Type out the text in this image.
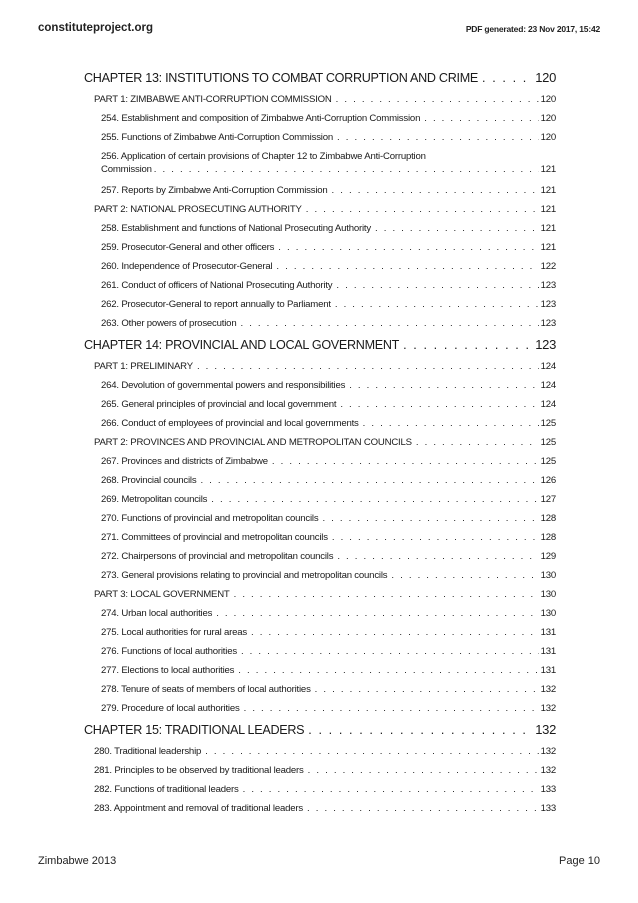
constituteproject.org	PDF generated: 23 Nov 2017, 15:42
CHAPTER 13: INSTITUTIONS TO COMBAT CORRUPTION AND CRIME . . .	120
PART 1: ZIMBABWE ANTI-CORRUPTION COMMISSION . . .	120
254. Establishment and composition of Zimbabwe Anti-Corruption Commission . . .	120
255. Functions of Zimbabwe Anti-Corruption Commission . . .	120
256. Application of certain provisions of Chapter 12 to Zimbabwe Anti-Corruption
Commission . . .	121
257. Reports by Zimbabwe Anti-Corruption Commission . . .	121
PART 2: NATIONAL PROSECUTING AUTHORITY . . .	121
258. Establishment and functions of National Prosecuting Authority . . .	121
259. Prosecutor-General and other officers . . .	121
260. Independence of Prosecutor-General . . .	122
261. Conduct of officers of National Prosecuting Authority . . .	123
262. Prosecutor-General to report annually to Parliament . . .	123
263. Other powers of prosecution . . .	123
CHAPTER 14: PROVINCIAL AND LOCAL GOVERNMENT . . .	123
PART 1: PRELIMINARY . . .	124
264. Devolution of governmental powers and responsibilities . . .	124
265. General principles of provincial and local government . . .	124
266. Conduct of employees of provincial and local governments . . .	125
PART 2: PROVINCES AND PROVINCIAL AND METROPOLITAN COUNCILS . . .	125
267. Provinces and districts of Zimbabwe . . .	125
268. Provincial councils . . .	126
269. Metropolitan councils . . .	127
270. Functions of provincial and metropolitan councils . . .	128
271. Committees of provincial and metropolitan councils . . .	128
272. Chairpersons of provincial and metropolitan councils . . .	129
273. General provisions relating to provincial and metropolitan councils . . .	130
PART 3: LOCAL GOVERNMENT . . .	130
274. Urban local authorities . . .	130
275. Local authorities for rural areas . . .	131
276. Functions of local authorities . . .	131
277. Elections to local authorities . . .	131
278. Tenure of seats of members of local authorities . . .	132
279. Procedure of local authorities . . .	132
CHAPTER 15: TRADITIONAL LEADERS . . .	132
280. Traditional leadership . . .	132
281. Principles to be observed by traditional leaders . . .	132
282. Functions of traditional leaders . . .	133
283. Appointment and removal of traditional leaders . . .	133
Zimbabwe 2013	Page 10
